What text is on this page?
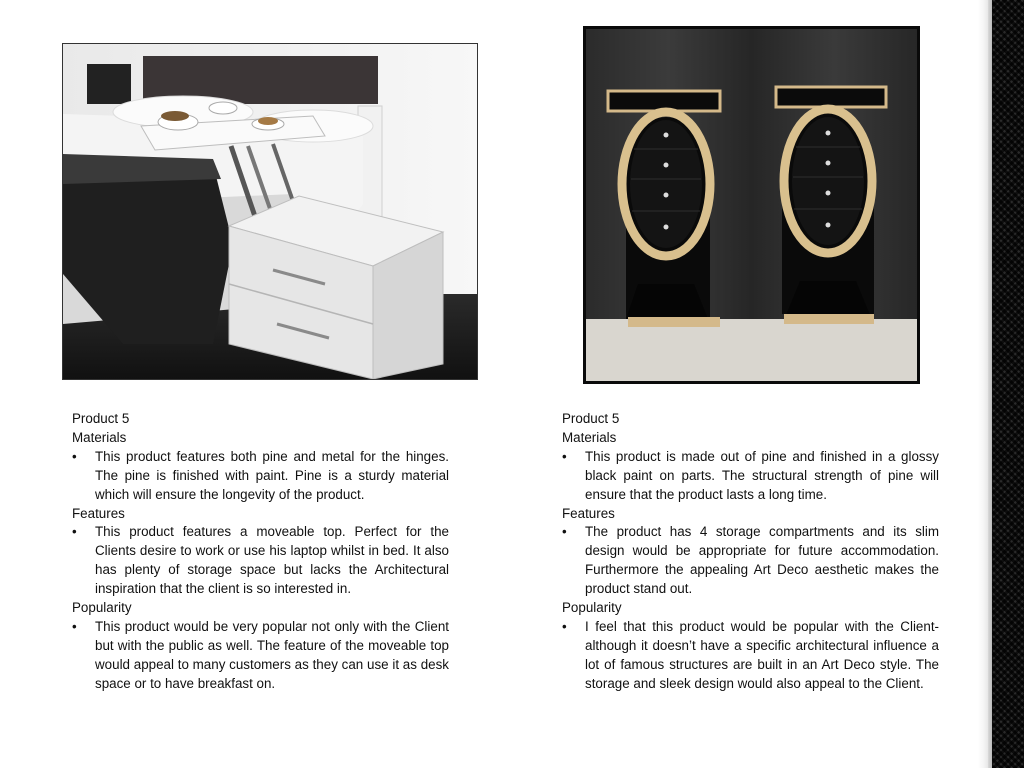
Product 5
Materials
•	This product features both pine and metal for the hinges. The pine is finished with paint. Pine is a sturdy material which will ensure the longevity of the product.
Features
•	This product features a moveable top. Perfect for the Clients desire to work or use his laptop whilst in bed. It also has plenty of storage space but lacks the Architectural inspiration that the client is so interested in.
Popularity
•	This product would be very popular not only with the Client but with the public as well. The feature of the moveable top would appeal to many customers as they can use it as desk space or to have breakfast on.
Product 5
Materials
•	This product is made out of pine and finished in a glossy black paint on parts. The structural strength of pine will ensure that the product lasts a long time.
Features
•	The product has 4 storage compartments and its slim design would be appropriate for future accommodation. Furthermore the appealing Art Deco aesthetic makes the product stand out.
Popularity
•	I feel that this product would be popular with the Client- although it doesn’t have a specific architectural influence a lot of famous structures are built in an Art Deco style. The storage and sleek design would also appeal to the Client.
